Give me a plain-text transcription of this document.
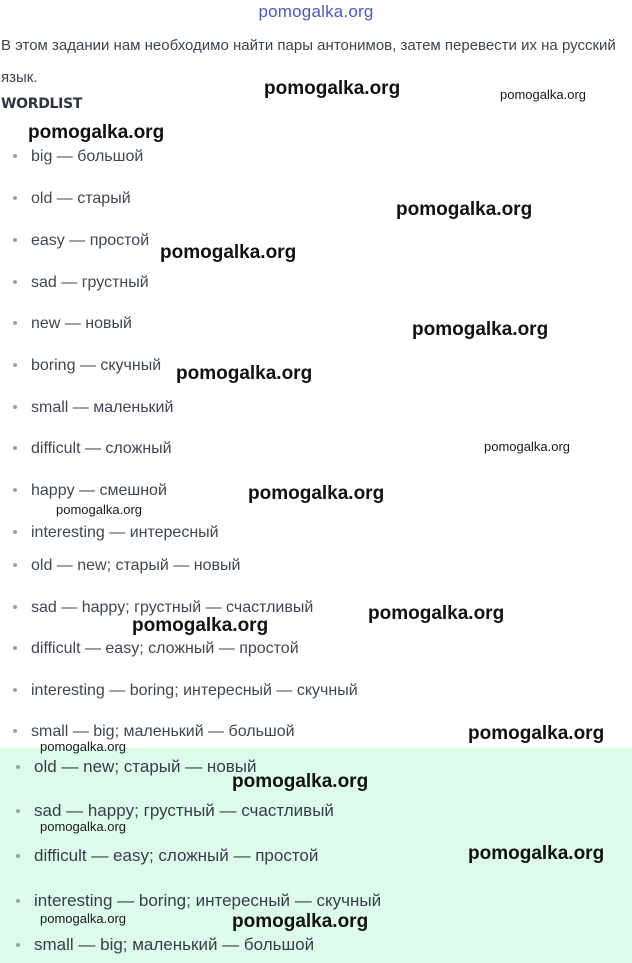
pomogalka.org
В этом задании нам необходимо найти пары антонимов, затем перевести их на русский язык.
WORDLIST
big — большой
old — старый
easy — простой
sad — грустный
new — новый
boring — скучный
small — маленький
difficult — сложный
happy — смешной
interesting — интересный
old — new; старый — новый
sad — happy; грустный — счастливый
difficult — easy; сложный — простой
interesting — boring; интересный — скучный
small — big; маленький — большой
old — new; старый — новый
sad — happy; грустный — счастливый
difficult — easy; сложный — простой
interesting — boring; интересный — скучный
small — big; маленький — большой
pomogalka.org	pomogalka.org
pomogalka.org
pomogalka.org
pomogalka.org
pomogalka.org
pomogalka.org
pomogalka.org
pomogalka.org
pomogalka.org
pomogalka.org
pomogalka.org
pomogalka.org
pomogalka.org
pomogalka.org
pomogalka.org
pomogalka.org
pomogalka.org	pomogalka.org
